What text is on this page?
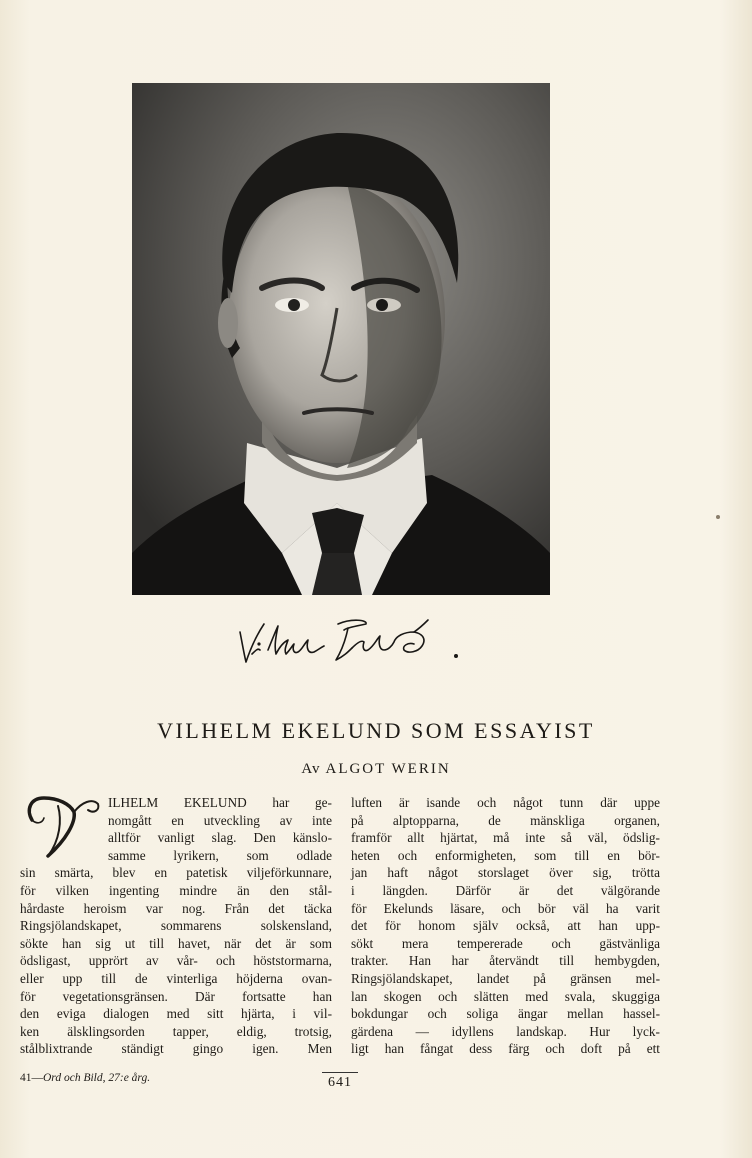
VILHELM EKELUND SOM ESSAYIST
Av ALGOT WERIN
V
ILHELM EKELUND har ge-
nomgått en utveckling av inte
alltför vanligt slag. Den känslo-
samme lyrikern, som odlade
sin smärta, blev en patetisk viljeförkunnare,
för vilken ingenting mindre än den stål-
hårdaste heroism var nog. Från det täcka
Ringsjölandskapet, sommarens solskensland,
sökte han sig ut till havet, när det är som
ödsligast, upprört av vår- och höststormarna,
eller upp till de vinterliga höjderna ovan-
för vegetationsgränsen. Där fortsatte han
den eviga dialogen med sitt hjärta, i vil-
ken älsklingsorden tapper, eldig, trotsig,
stålblixtrande ständigt gingo igen. Men
luften är isande och något tunn där uppe
på alptopparna, de mänskliga organen,
framför allt hjärtat, må inte så väl, ödslig-
heten och enformigheten, som till en bör-
jan haft något storslaget över sig, trötta
i längden. Därför är det välgörande
för Ekelunds läsare, och bör väl ha varit
det för honom själv också, att han upp-
sökt mera tempererade och gästvänliga
trakter. Han har återvändt till hembygden,
Ringsjölandskapet, landet på gränsen mel-
lan skogen och slätten med svala, skuggiga
bokdungar och soliga ängar mellan hassel-
gärdena — idyllens landskap. Hur lyck-
ligt han fångat dess färg och doft på ett
41—Ord och Bild, 27:e årg.	641
